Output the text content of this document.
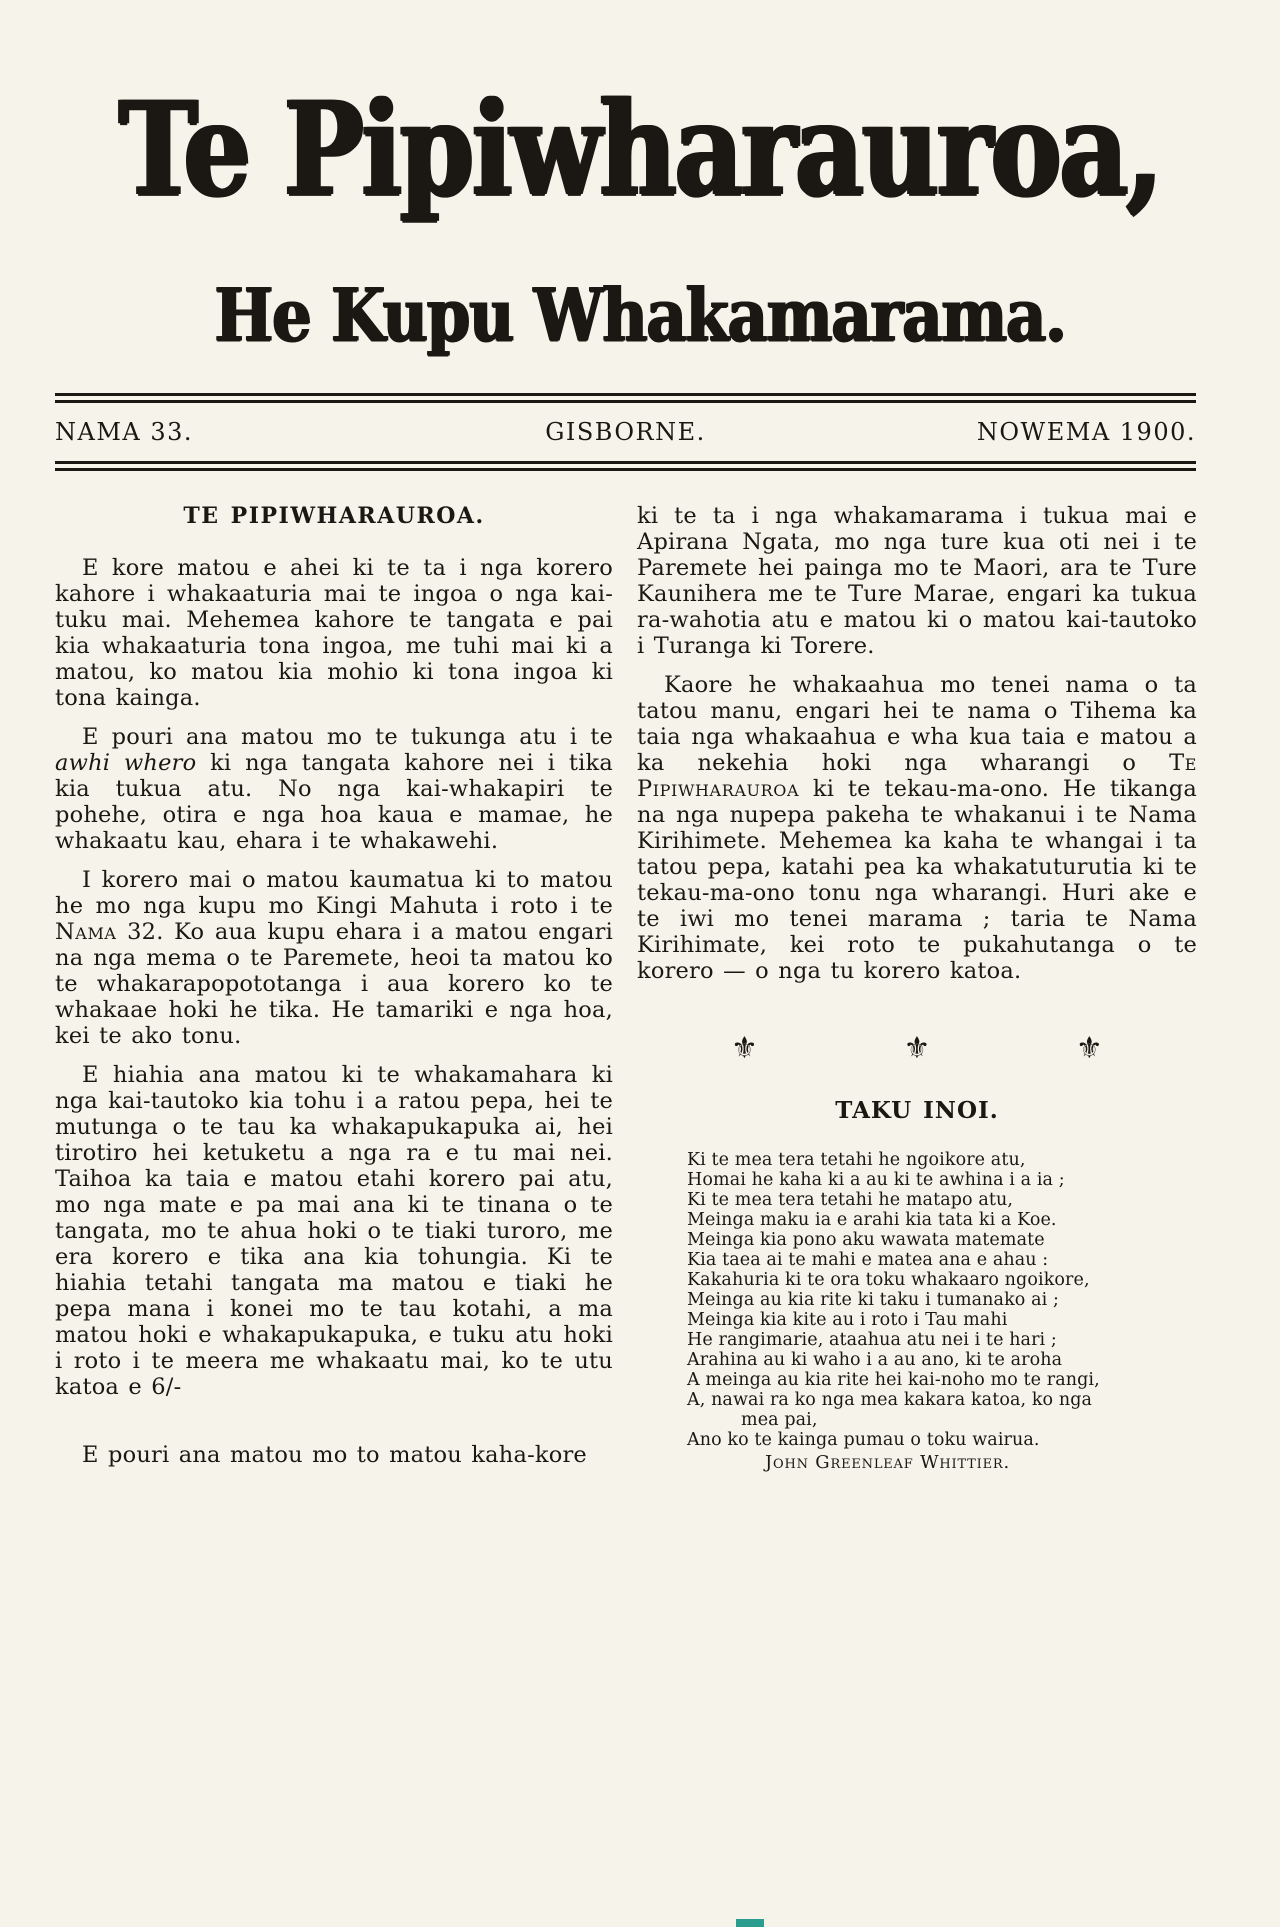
Te Pipiwharauroa,
He Kupu Whakamarama.
NAMA 33.	GISBORNE.	NOWEMA 1900.
TE PIPIWHARAUROA.

E kore matou e ahei ki te ta i nga korero kahore i whakaaturia mai te ingoa o nga kai-tuku mai. Mehemea kahore te tangata e pai kia whakaaturia tona ingoa, me tuhi mai ki a matou, ko matou kia mohio ki tona ingoa ki tona kainga.

E pouri ana matou mo te tukunga atu i te awhi whero ki nga tangata kahore nei i tika kia tukua atu. No nga kai-whakapiri te pohehe, otira e nga hoa kaua e mamae, he whakaatu kau, ehara i te whakawehi.

I korero mai o matou kaumatua ki to matou he mo nga kupu mo Kingi Mahuta i roto i te Nama 32. Ko aua kupu ehara i a matou engari na nga mema o te Paremete, heoi ta matou ko te whakarapopototanga i aua korero ko te whakaae hoki he tika. He tamariki e nga hoa, kei te ako tonu.

E hiahia ana matou ki te whakamahara ki nga kai-tautoko kia tohu i a ratou pepa, hei te mutunga o te tau ka whakapukapuka ai, hei tirotiro hei ketuketu a nga ra e tu mai nei. Taihoa ka taia e matou etahi korero pai atu, mo nga mate e pa mai ana ki te tinana o te tangata, mo te ahua hoki o te tiaki turoro, me era korero e tika ana kia tohungia. Ki te hiahia tetahi tangata ma matou e tiaki he pepa mana i konei mo te tau kotahi, a ma matou hoki e whakapukapuka, e tuku atu hoki i roto i te meera me whakaatu mai, ko te utu katoa e 6/-

E pouri ana matou mo to matou kaha-kore

ki te ta i nga whakamarama i tukua mai e Apirana Ngata, mo nga ture kua oti nei i te Paremete hei painga mo te Maori, ara te Ture Kaunihera me te Ture Marae, engari ka tukua ra-wahotia atu e matou ki o matou kai-tautoko i Turanga ki Torere.

Kaore he whakaahua mo tenei nama o ta tatou manu, engari hei te nama o Tihema ka taia nga whakaahua e wha kua taia e matou a ka nekehia hoki nga wharangi o Te Pipiwharauroa ki te tekau-ma-ono. He tikanga na nga nupepa pakeha te whakanui i te Nama Kirihimete. Mehemea ka kaha te whangai i ta tatou pepa, katahi pea ka whakatuturutia ki te tekau-ma-ono tonu nga wharangi. Huri ake e te iwi mo tenei marama ; taria te Nama Kirihimate, kei roto te pukahutanga o te korero — o nga tu korero katoa.

⚜	⚜	⚜
TAKU INOI.
Ki te mea tera tetahi he ngoikore atu,
Homai he kaha ki a au ki te awhina i a ia ;
Ki te mea tera tetahi he matapo atu,
Meinga maku ia e arahi kia tata ki a Koe.
Meinga kia pono aku wawata matemate
Kia taea ai te mahi e matea ana e ahau :
Kakahuria ki te ora toku whakaaro ngoikore,
Meinga au kia rite ki taku i tumanako ai ;
Meinga kia kite au i roto i Tau mahi
He rangimarie, ataahua atu nei i te hari ;
Arahina au ki waho i a au ano, ki te aroha
A meinga au kia rite hei kai-noho mo te rangi,
A, nawai ra ko nga mea kakara katoa, ko nga
mea pai,
Ano ko te kainga pumau o toku wairua.
John Greenleaf Whittier.
